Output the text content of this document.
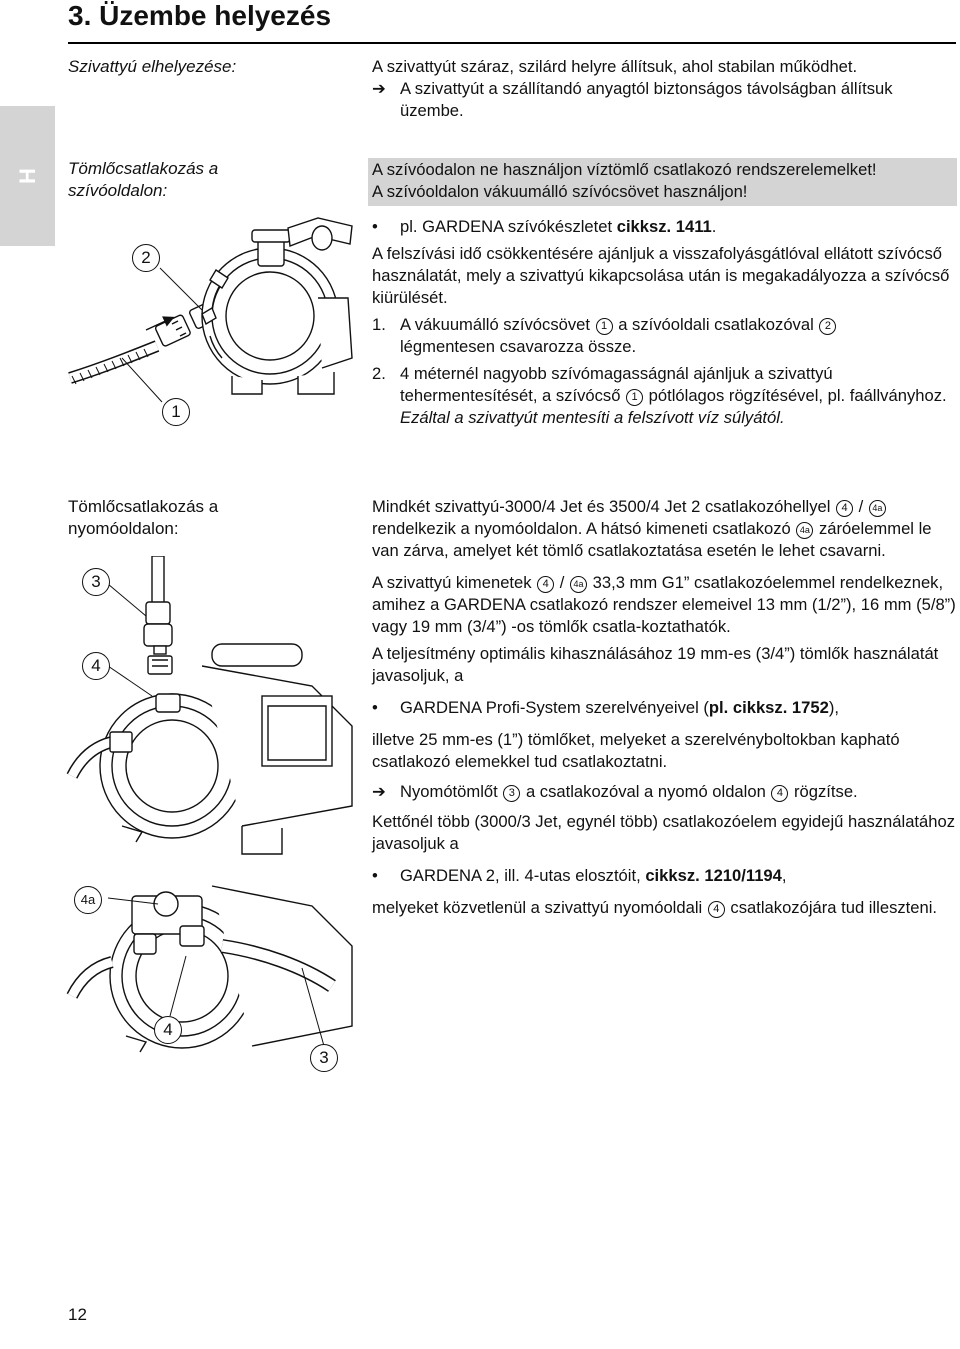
3. Üzembe helyezés
H
Szivattyú elhelyezése:	A szivattyút száraz, szilárd helyre állítsuk, ahol stabilan működhet.

➔ A szivattyút a szállítandó anyagtól biztonságos távolságban állítsuk üzembe.

Tömlőcsatlakozás a
szívóoldalon:

A szívóodalon ne használjon víztömlő csatlakozó rendszerelemelket!

A szívóoldalon vákuumálló szívócsövet használjon!

•	pl. GARDENA szívókészletet cikksz. 1411.

A felszívási idő csökkentésére ajánljuk a visszafolyásgátlóval ellátott szívócső használatát, mely a szivattyú kikapcsolása után is megakadályozza a szívócső kiürülését.

1. A vákuumálló szívócsövet 1 a szívóoldali csatlakozóval 2
légmentesen csavarozza össze.

2. 4 méternél nagyobb szívómagasságnál ajánljuk a szivattyú tehermentesítését, a szívócső 1 pótlólagos rögzítésével, pl. faállványhoz.
Ezáltal a szivattyút mentesíti a felszívott víz súlyától.

Tömlőcsatlakozás a
nyomóoldalon:

Mindkét szivattyú-3000/4 Jet és 3500/4 Jet 2 csatlakozóhellyel 4 / 4a rendelkezik a nyomóoldalon. A hátsó kimeneti csatlakozó 4a záróelemmel le van zárva, amelyet két tömlő csatlakoztatása esetén le lehet csavarni.

A szivattyú kimenetek 4 / 4a 33,3 mm G1” csatlakozóelemmel rendelkeznek, amihez a GARDENA csatlakozó rendszer elemeivel 13 mm (1/2”), 16 mm (5/8”) vagy 19 mm (3/4”) -os tömlők csatla-koztathatók.

A teljesítmény optimális kihasználásához 19 mm-es (3/4”) tömlők használatát javasoljuk, a

•	GARDENA Profi-System szerelvényeivel (pl. cikksz. 1752),

illetve 25 mm-es (1”) tömlőket, melyeket a szerelvényboltokban kapható csatlakozó elemekkel tud csatlakoztatni.

➔ Nyomótömlőt 3 a csatlakozóval a nyomó oldalon 4 rögzítse.

Kettőnél több (3000/3 Jet, egynél több) csatlakozóelem egyidejű használatához javasoljuk a

•	GARDENA 2, ill. 4-utas elosztóit, cikksz. 1210/1194,

melyeket közvetlenül a szivattyú nyomóoldali 4 csatlakozójára tud illeszteni.

2
1
3
4
4a
4
3
12
